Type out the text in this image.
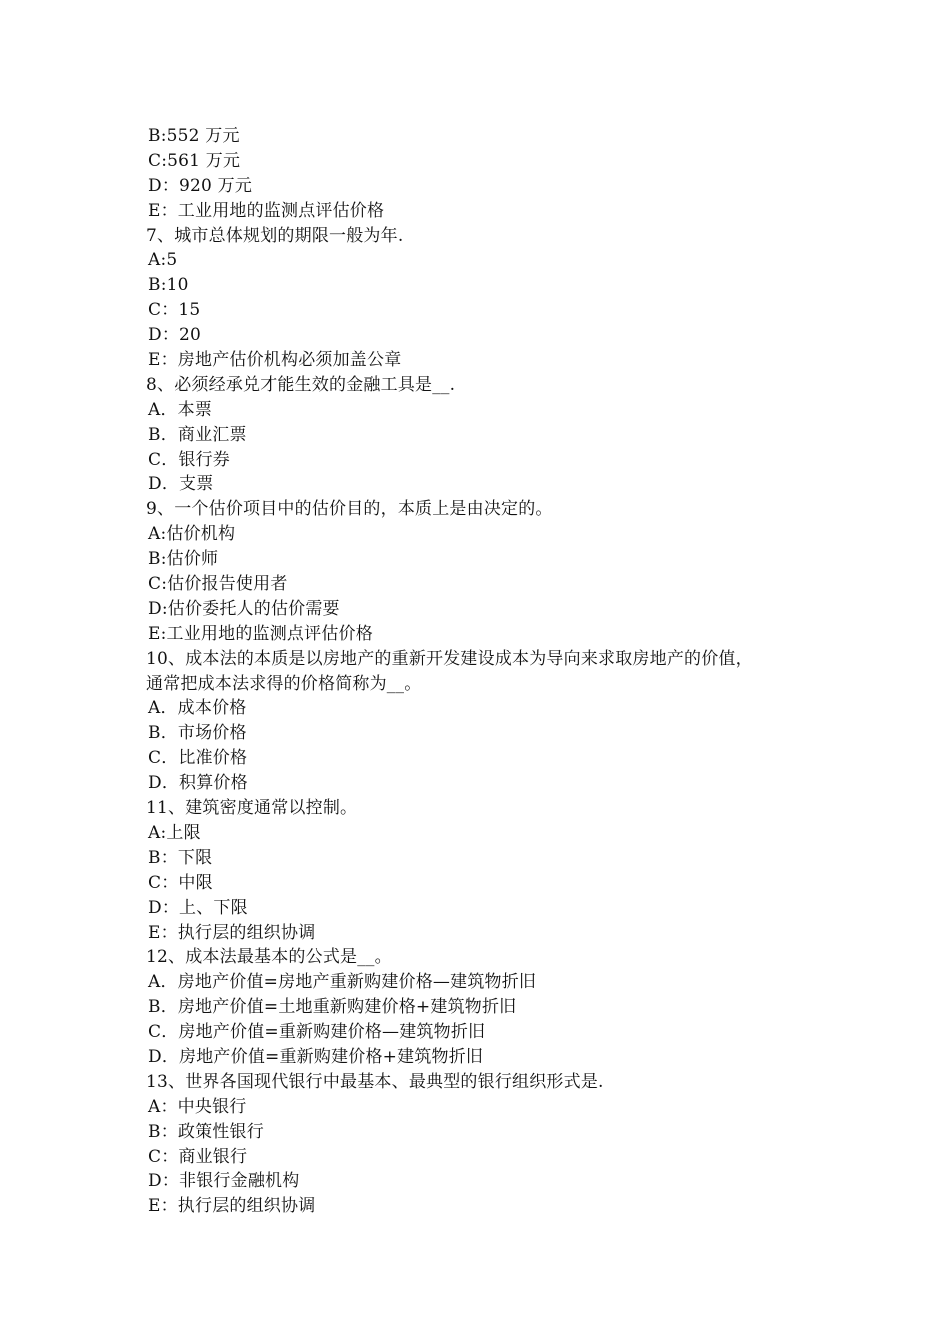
B:552 万元
C:561 万元
D：920 万元
E：工业用地的监测点评估价格
7、城市总体规划的期限一般为年.
A:5
B:10
C：15
D：20
E：房地产估价机构必须加盖公章
8、必须经承兑才能生效的金融工具是__.
A．本票
B．商业汇票
C．银行券
D．支票
9、一个估价项目中的估价目的，本质上是由决定的。
A:估价机构
B:估价师
C:估价报告使用者
D:估价委托人的估价需要
E:工业用地的监测点评估价格
10、成本法的本质是以房地产的重新开发建设成本为导向来求取房地产的价值，
通常把成本法求得的价格简称为__。
A．成本价格
B．市场价格
C．比准价格
D．积算价格
11、建筑密度通常以控制。
A:上限
B：下限
C：中限
D：上、下限
E：执行层的组织协调
12、成本法最基本的公式是__。
A．房地产价值=房地产重新购建价格—建筑物折旧
B．房地产价值=土地重新购建价格+建筑物折旧
C．房地产价值=重新购建价格—建筑物折旧
D．房地产价值=重新购建价格+建筑物折旧
13、世界各国现代银行中最基本、最典型的银行组织形式是.
A：中央银行
B：政策性银行
C：商业银行
D：非银行金融机构
E：执行层的组织协调
